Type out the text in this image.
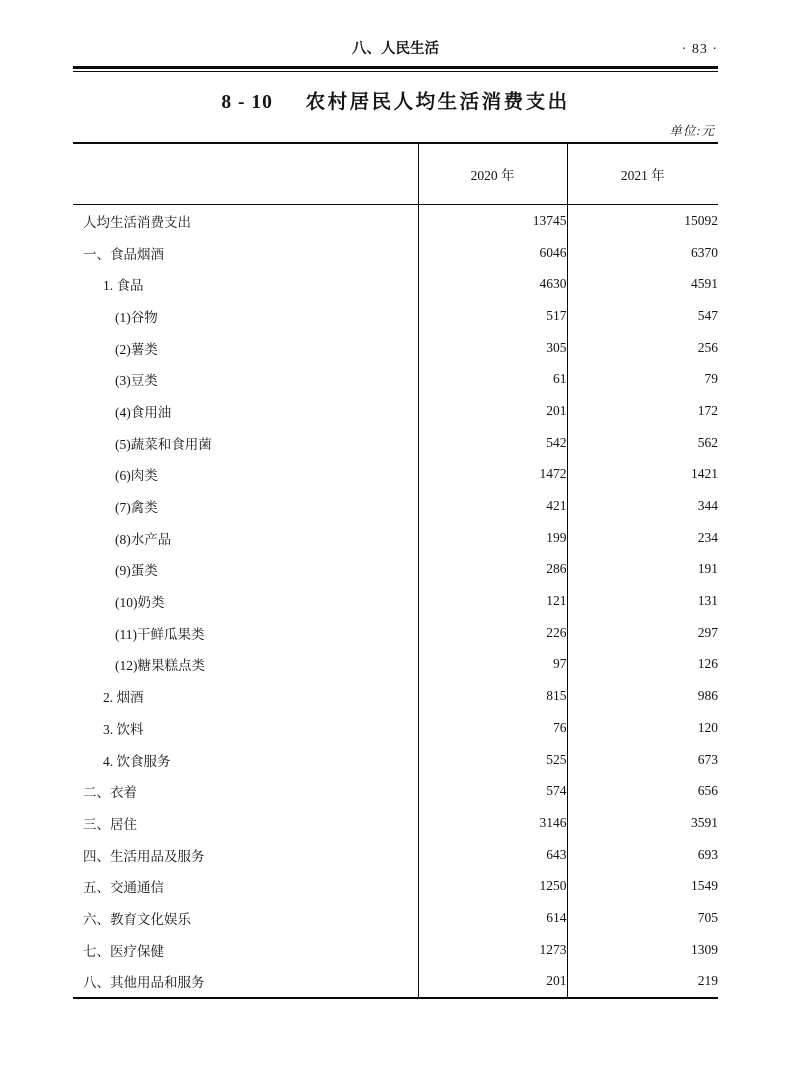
八、人民生活	· 83 ·
8 - 10 农村居民人均生活消费支出
单位:元
	2020 年	2021 年
人均生活消费支出	13745	15092
一、食品烟酒	6046	6370
1. 食品	4630	4591
(1)谷物	517	547
(2)薯类	305	256
(3)豆类	61	79
(4)食用油	201	172
(5)蔬菜和食用菌	542	562
(6)肉类	1472	1421
(7)禽类	421	344
(8)水产品	199	234
(9)蛋类	286	191
(10)奶类	121	131
(11)干鲜瓜果类	226	297
(12)糖果糕点类	97	126
2. 烟酒	815	986
3. 饮料	76	120
4. 饮食服务	525	673
二、衣着	574	656
三、居住	3146	3591
四、生活用品及服务	643	693
五、交通通信	1250	1549
六、教育文化娱乐	614	705
七、医疗保健	1273	1309
八、其他用品和服务	201	219
